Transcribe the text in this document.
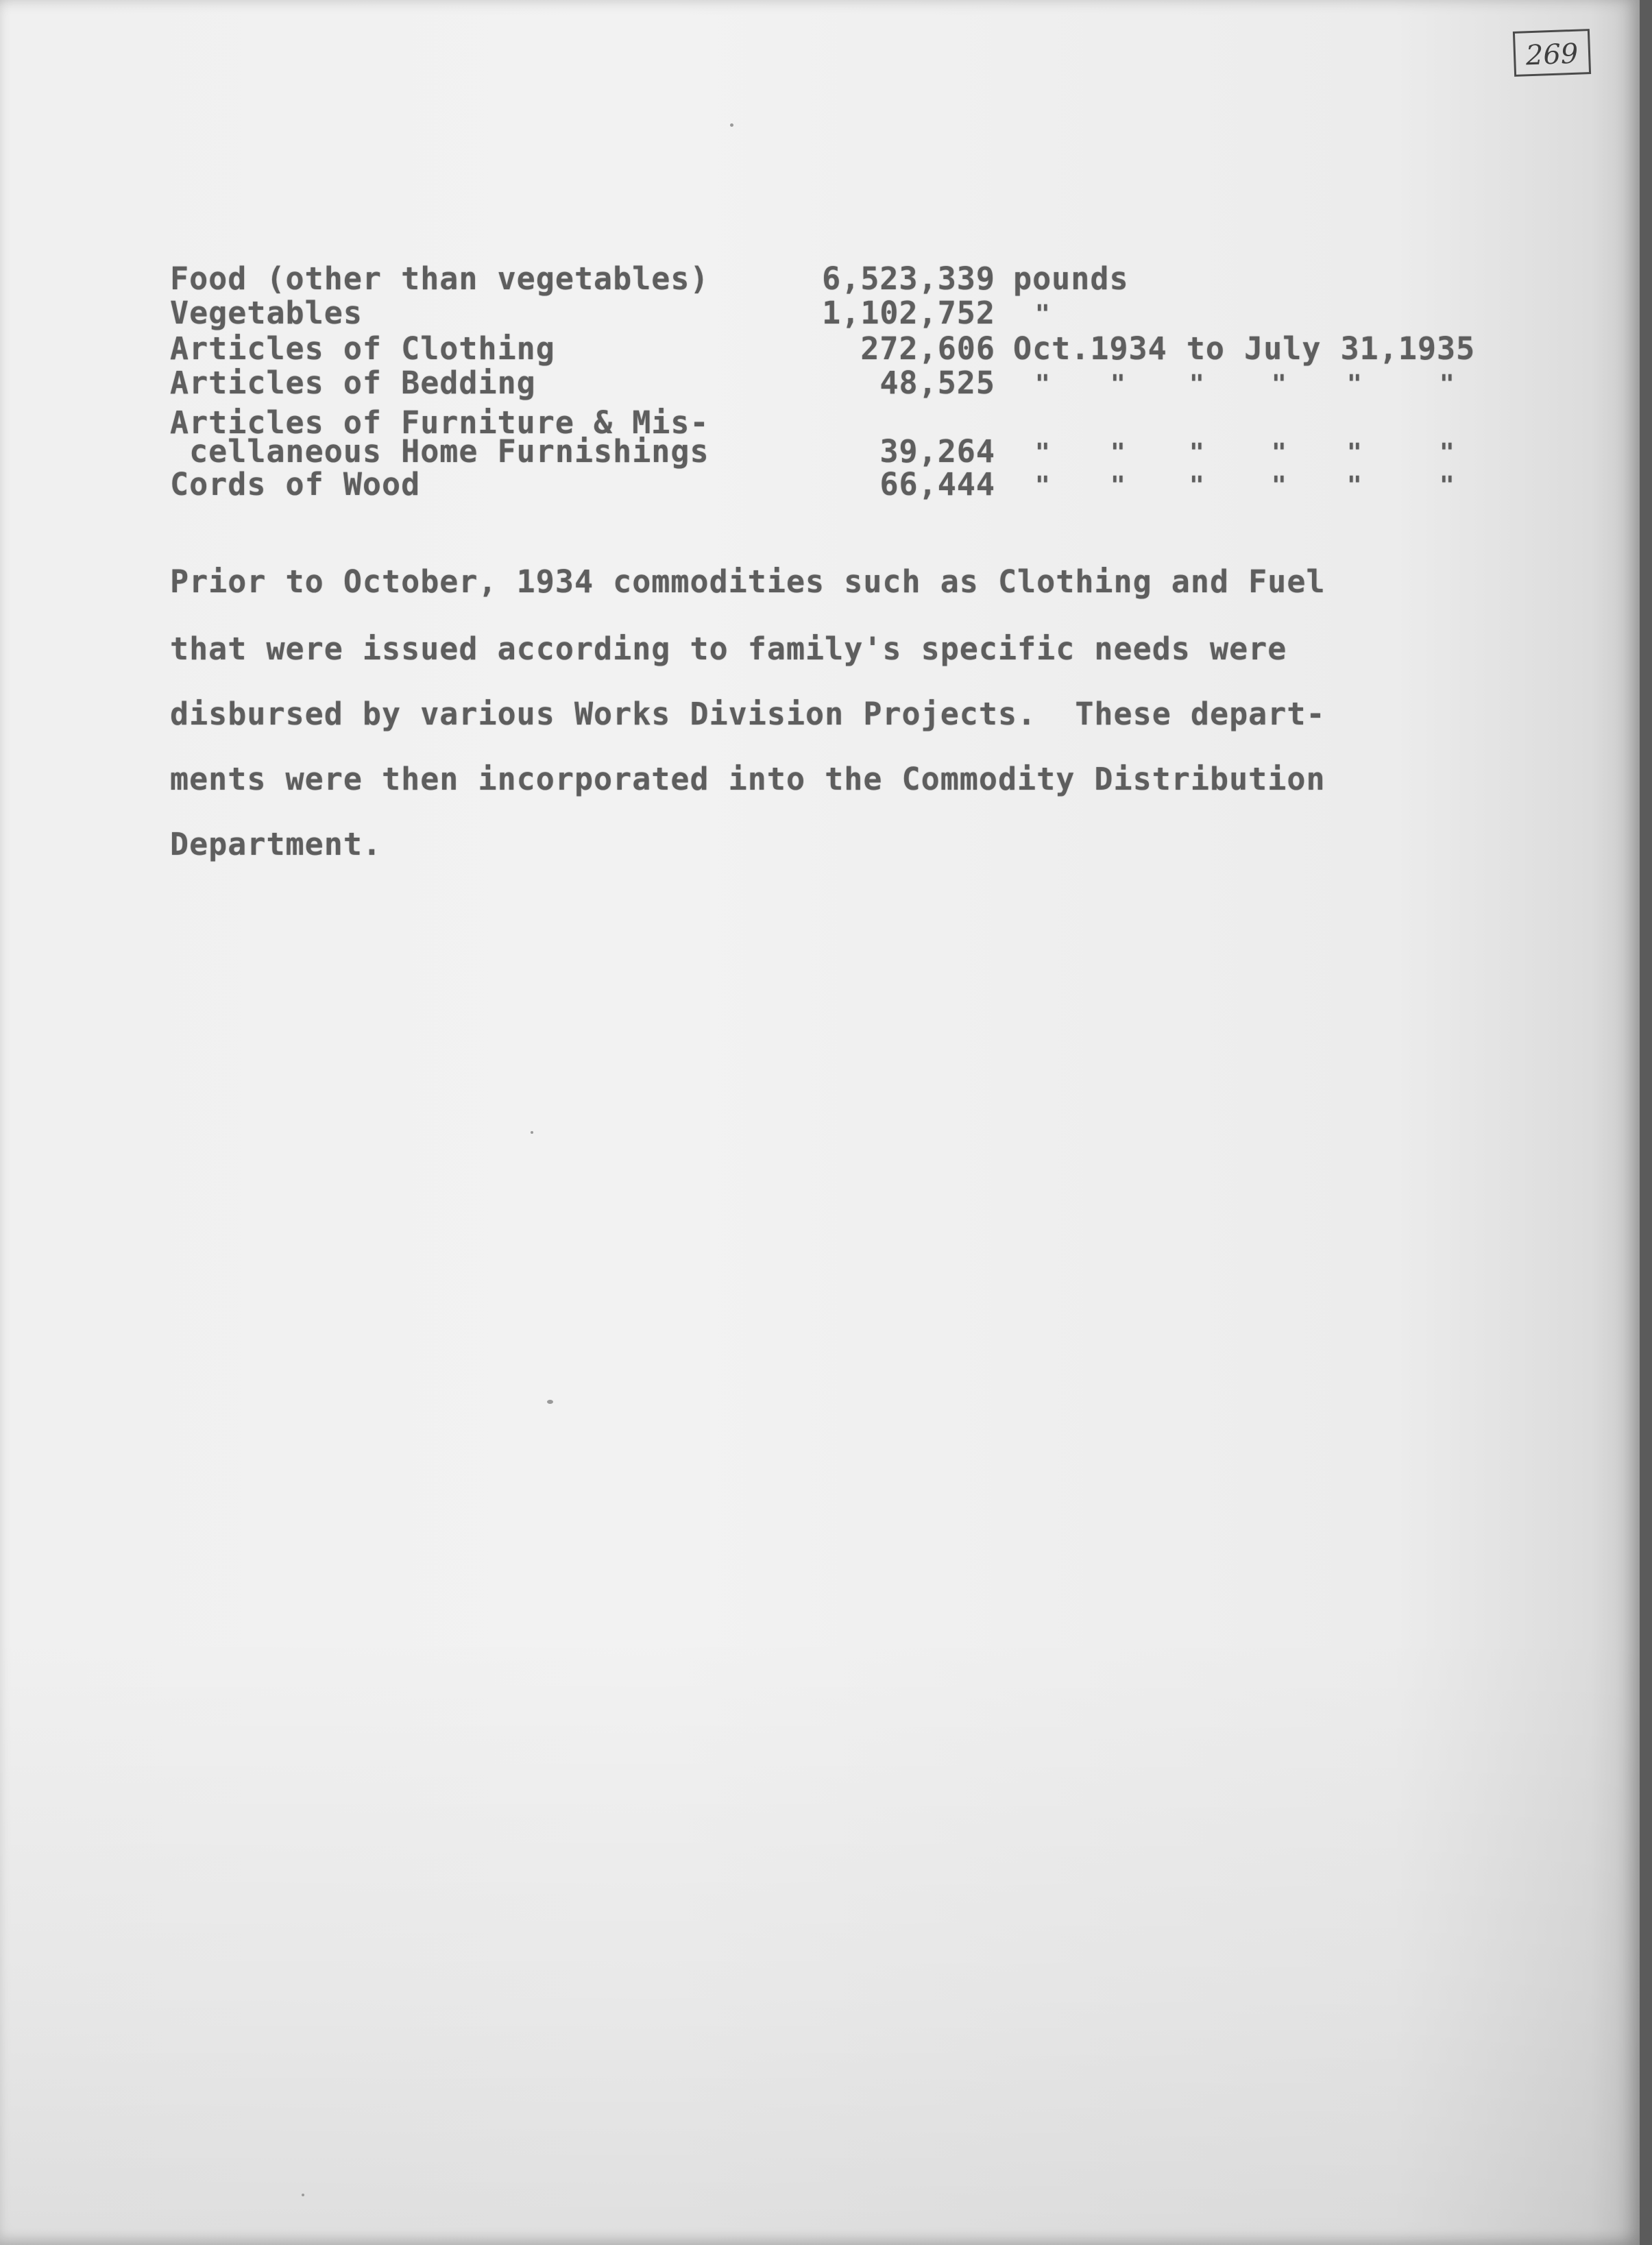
269
Food (other than vegetables)	6,523,339 pounds
Vegetables	1,102,752 "
Articles of Clothing	272,606 Oct.1934 to July 31,1935
Articles of Bedding	48,525 " "	"	" "	"
Articles of Furniture & Mis-
cellaneous Home Furnishings	39,264 " "	"	" "	"
Cords of Wood	66,444 " "	"	" "	"
Prior to October, 1934 commodities such as Clothing and Fuel
that were issued according to family's specific needs were
disbursed by various Works Division Projects.  These depart-
ments were then incorporated into the Commodity Distribution
Department.
